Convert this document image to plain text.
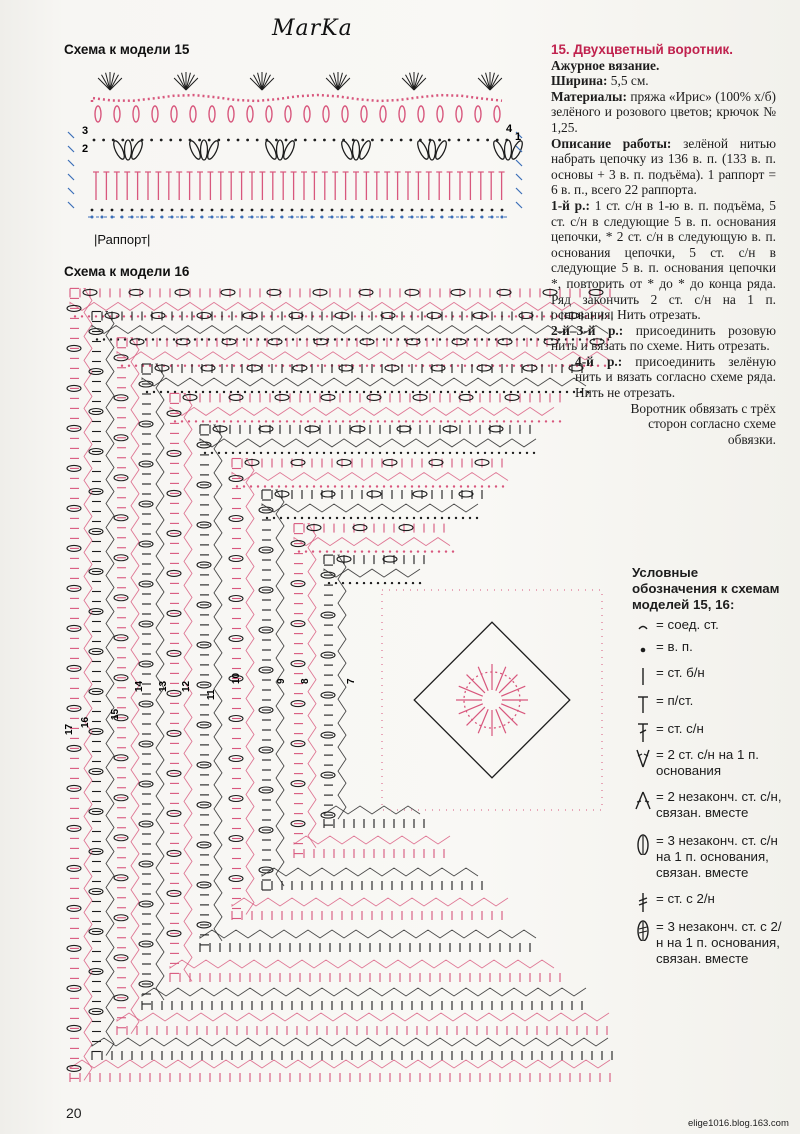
MarKa
Схема к модели 15
3
2
1
4
|Раппорт|
Схема к модели 16
17
16
15
14 13 12
11
10	9 8	7

15. Двухцветный воротник.

Ажурное вязание.

Ширина: 5,5 см.

Материалы: пряжа «Ирис» (100% х/б) зелёного и розового цветов; крючок № 1,25.

Описание работы: зелёной нитью набрать цепочку из 136 в. п. (133 в. п. основы + 3 в. п. подъёма). 1 раппорт = 6 в. п., всего 22 раппорта.

1-й р.: 1 ст. с/н в 1-ю в. п. подъёма, 5 ст. с/н в следующие 5 в. п. основания цепочки, * 2 ст. с/н в следующую в. п. основания цепочки, 5 ст. с/н в следующие 5 в. п. основания цепочки *, повторить от * до * до конца ряда. Ряд закончить 2 ст. с/н на 1 п. основания. Нить отрезать.

2-й–3-й р.: присоединить розовую нить и вязать по схеме. Нить отрезать.

4-й р.: присоединить зелёную нить и вязать согласно схеме ряда. Нить не отрезать.

Воротник обвязать с трёх сторон согласно схеме обвязки.

Условные обозначения к схемам моделей 15, 16:
= соед. ст.
= в. п.
= ст. б/н
= п/ст.
= ст. с/н
= 2 ст. с/н на 1 п. основания
= 2 незаконч. ст. с/н, связан. вместе
= 3 незаконч. ст. с/н на 1 п. основания, связан. вместе
= ст. с 2/н
= 3 незаконч. ст. с 2/н на 1 п. основания, связан. вместе
20
elige1016.blog.163.com
